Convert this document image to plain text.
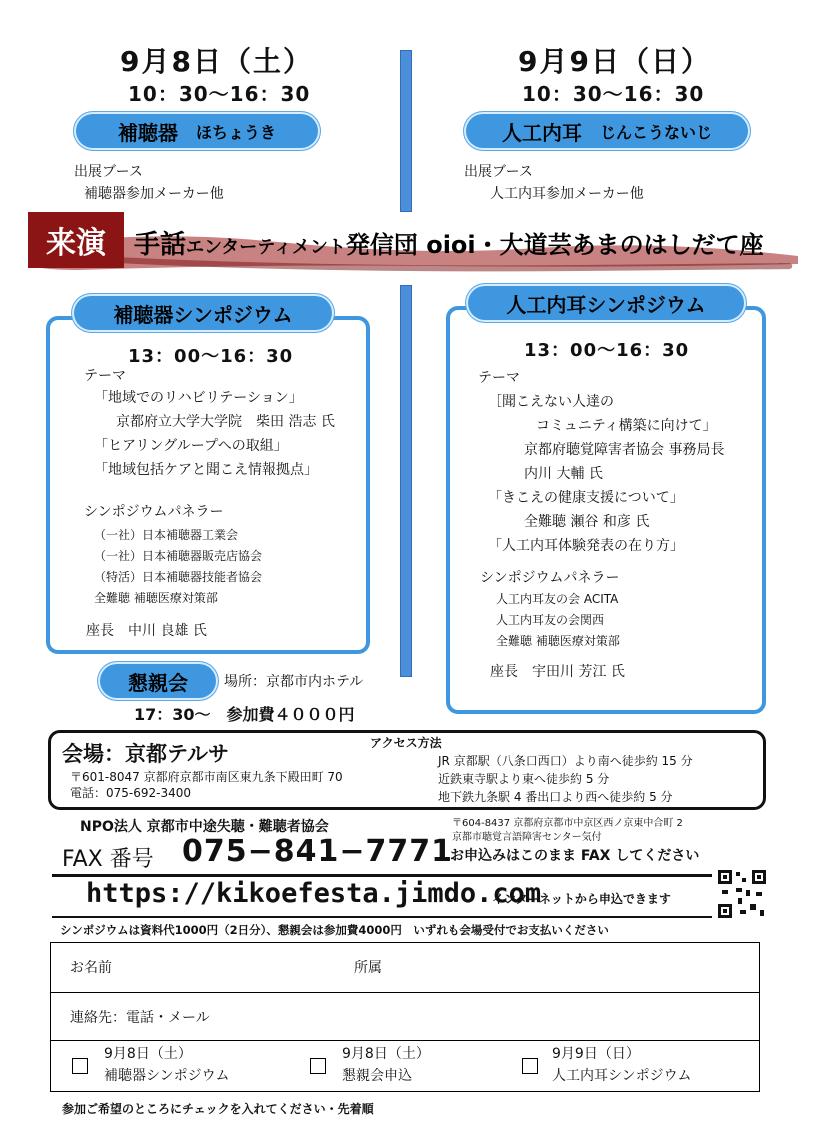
9月8日（土）
10：30〜16：30
9月9日（日）
10：30〜16：30
補聴器 ほちょうき	人工内耳 じんこうないじ
出展ブース
補聴器参加メーカー他
出展ブース
人工内耳参加メーカー他
来演	手話エンターティメント発信団 oioi・大道芸あまのはしだて座
補聴器シンポジウム
13：00〜16：30
テーマ
「地域でのリハビリテーション」
京都府立大学大学院　柴田 浩志 氏
「ヒアリングループへの取組」
「地域包括ケアと聞こえ情報拠点」
シンポジウムパネラー
（一社）日本補聴器工業会
（一社）日本補聴器販売店協会
（特活）日本補聴器技能者協会
全難聴 補聴医療対策部
座長　中川 良雄 氏
人工内耳シンポジウム
13：00〜16：30
テーマ
［聞こえない人達の
コミュニティ構築に向けて」
京都府聴覚障害者協会 事務局長
内川 大輔 氏
「きこえの健康支援について」
全難聴 瀬谷 和彦 氏
「人工内耳体験発表の在り方」
シンポジウムパネラー
人工内耳友の会 ACITA
人工内耳友の会関西
全難聴 補聴医療対策部
座長　宇田川 芳江 氏
懇親会	場所：京都市内ホテル
17：30〜　参加費４０００円
会場：京都テルサ
〒601-8047 京都府京都市南区東九条下殿田町 70
電話：075-692-3400
アクセス方法
JR 京都駅（八条口西口）より南へ徒歩約 15 分
近鉄東寺駅より東へ徒歩約 5 分
地下鉄九条駅 4 番出口より西へ徒歩約 5 分
NPO法人 京都市中途失聴・難聴者協会	〒604-8437 京都府京都市中京区西ノ京東中合町 2
京都市聴覚言語障害センター気付
FAX 番号 075−841−7771
お申込みはこのまま FAX してください
https://kikoefesta.jimdo.com
インターネットから申込できます
シンポジウムは資料代1000円（2日分）、懇親会は参加費4000円　いずれも会場受付でお支払いください
お名前	所属
連絡先：電話・メール
9月8日（土）
補聴器シンポジウム
9月8日（土）
懇親会申込
9月9日（日）
人工内耳シンポジウム
参加ご希望のところにチェックを入れてください・先着順
